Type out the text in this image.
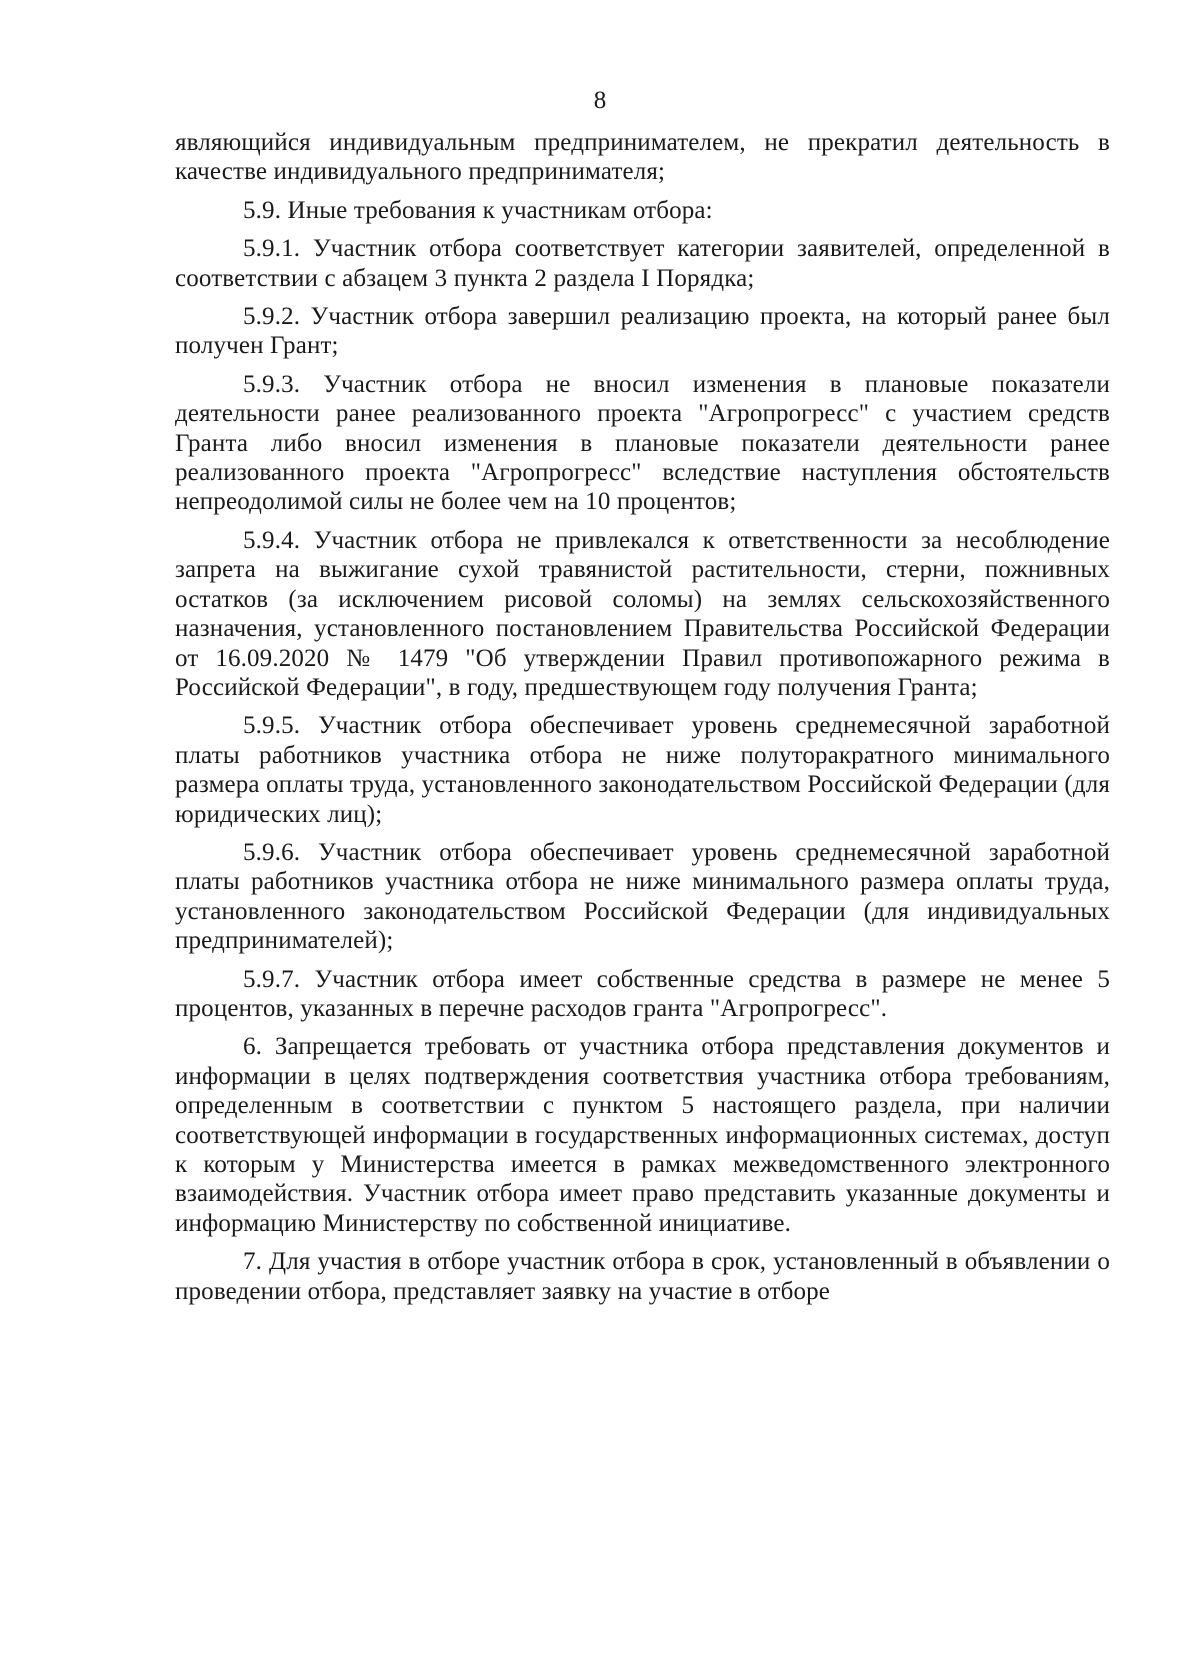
8

являющийся индивидуальным предпринимателем, не прекратил деятельность в качестве индивидуального предпринимателя;

5.9. Иные требования к участникам отбора:

5.9.1. Участник отбора соответствует категории заявителей, определенной в соответствии с абзацем 3 пункта 2 раздела I Порядка;

5.9.2. Участник отбора завершил реализацию проекта, на который ранее был получен Грант;

5.9.3. Участник отбора не вносил изменения в плановые показатели деятельности ранее реализованного проекта "Агропрогресс" с участием средств Гранта либо вносил изменения в плановые показатели деятельности ранее реализованного проекта "Агропрогресс" вследствие наступления обстоятельств непреодолимой силы не более чем на 10 процентов;

5.9.4. Участник отбора не привлекался к ответственности за несоблюдение запрета на выжигание сухой травянистой растительности, стерни, пожнивных остатков (за исключением рисовой соломы) на землях сельскохозяйственного назначения, установленного постановлением Правительства Российской Федерации от 16.09.2020 № 1479 "Об утверждении Правил противопожарного режима в Российской Федерации", в году, предшествующем году получения Гранта;

5.9.5. Участник отбора обеспечивает уровень среднемесячной заработной платы работников участника отбора не ниже полуторакратного минимального размера оплаты труда, установленного законодательством Российской Федерации (для юридических лиц);

5.9.6. Участник отбора обеспечивает уровень среднемесячной заработной платы работников участника отбора не ниже минимального размера оплаты труда, установленного законодательством Российской Федерации (для индивидуальных предпринимателей);

5.9.7. Участник отбора имеет собственные средства в размере не менее 5 процентов, указанных в перечне расходов гранта "Агропрогресс".

6. Запрещается требовать от участника отбора представления документов и информации в целях подтверждения соответствия участника отбора требованиям, определенным в соответствии с пунктом 5 настоящего раздела, при наличии соответствующей информации в государственных информационных системах, доступ к которым у Министерства имеется в рамках межведомственного электронного взаимодействия. Участник отбора имеет право представить указанные документы и информацию Министерству по собственной инициативе.

7. Для участия в отборе участник отбора в срок, установленный в объявлении о проведении отбора, представляет заявку на участие в отборе
